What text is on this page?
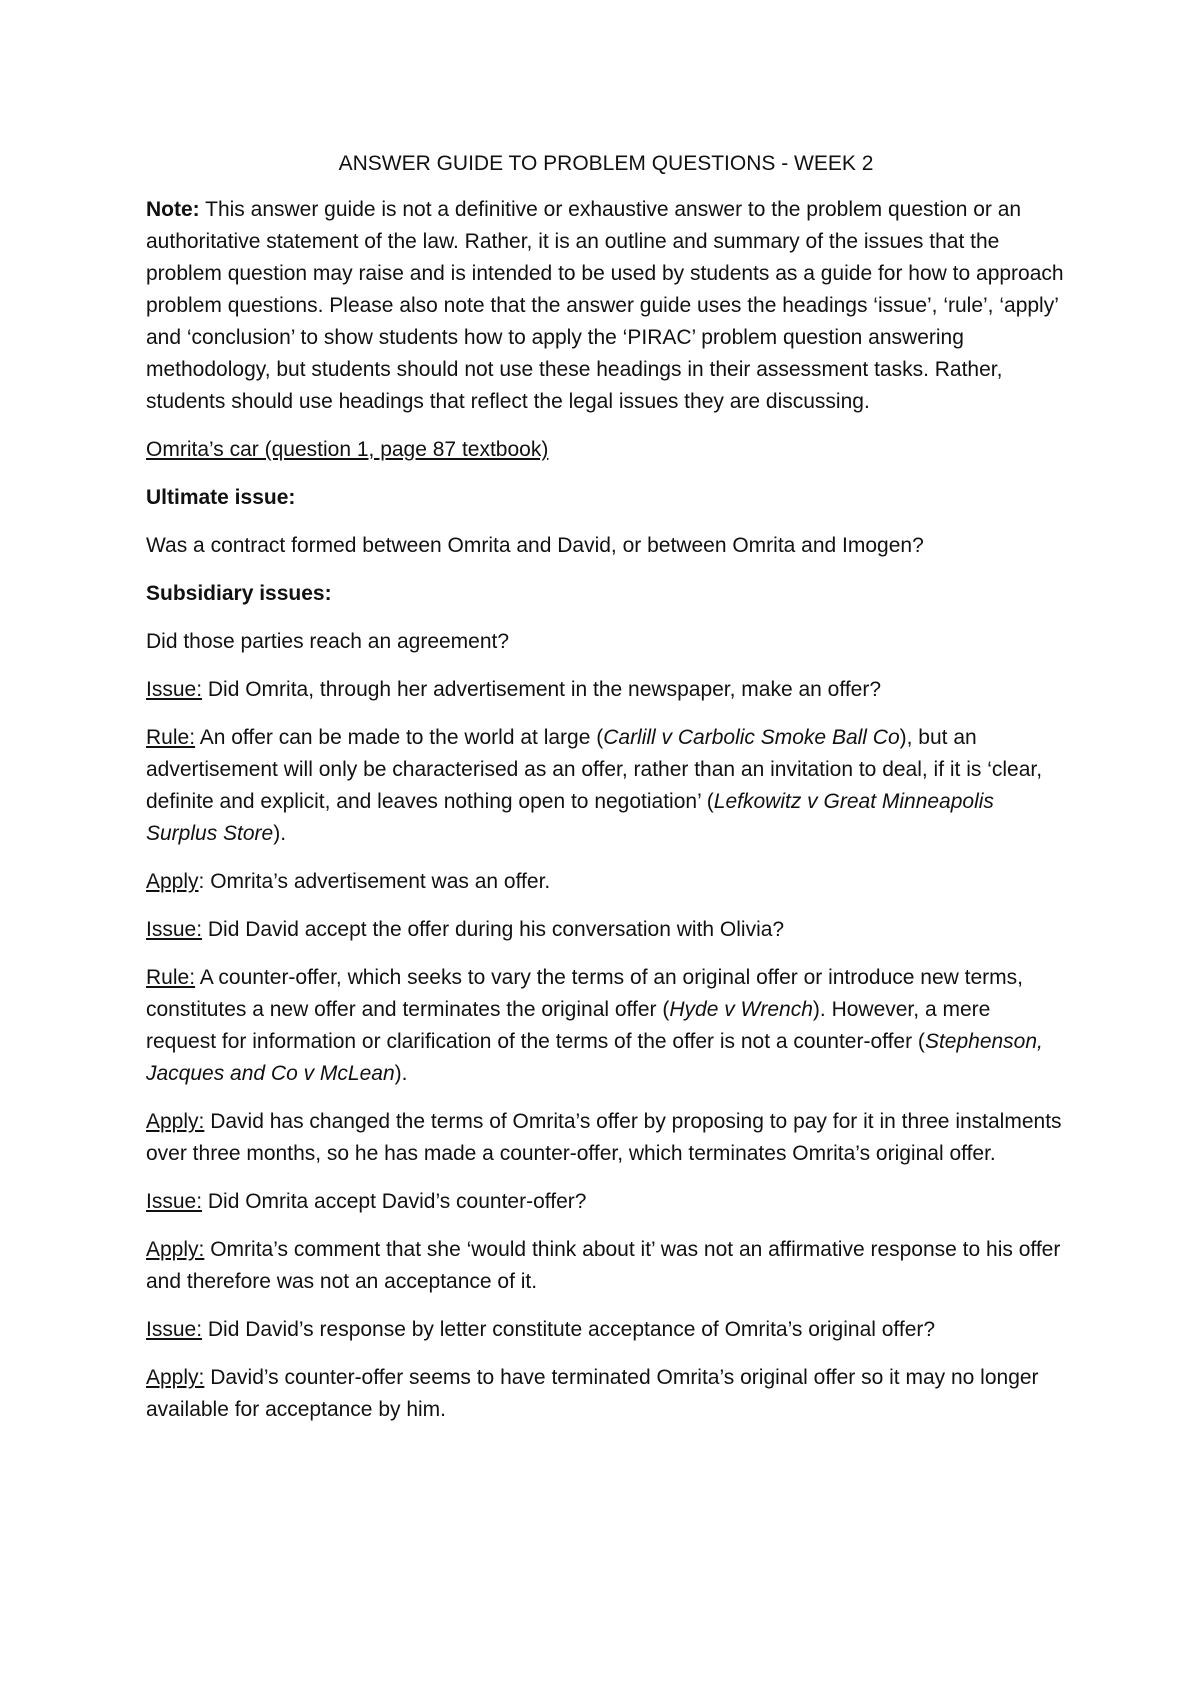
ANSWER GUIDE TO PROBLEM QUESTIONS - WEEK 2

Note: This answer guide is not a definitive or exhaustive answer to the problem question or an authoritative statement of the law. Rather, it is an outline and summary of the issues that the problem question may raise and is intended to be used by students as a guide for how to approach problem questions. Please also note that the answer guide uses the headings ‘issue’, ‘rule’, ‘apply’ and ‘conclusion’ to show students how to apply the ‘PIRAC’ problem question answering methodology, but students should not use these headings in their assessment tasks. Rather, students should use headings that reflect the legal issues they are discussing.

Omrita’s car (question 1, page 87 textbook)

Ultimate issue:

Was a contract formed between Omrita and David, or between Omrita and Imogen?

Subsidiary issues:

Did those parties reach an agreement?

Issue: Did Omrita, through her advertisement in the newspaper, make an offer?

Rule: An offer can be made to the world at large (Carlill v Carbolic Smoke Ball Co), but an advertisement will only be characterised as an offer, rather than an invitation to deal, if it is ‘clear, definite and explicit, and leaves nothing open to negotiation’ (Lefkowitz v Great Minneapolis Surplus Store).

Apply: Omrita’s advertisement was an offer.

Issue: Did David accept the offer during his conversation with Olivia?

Rule: A counter-offer, which seeks to vary the terms of an original offer or introduce new terms, constitutes a new offer and terminates the original offer (Hyde v Wrench). However, a mere request for information or clarification of the terms of the offer is not a counter-offer (Stephenson, Jacques and Co v McLean).

Apply: David has changed the terms of Omrita’s offer by proposing to pay for it in three instalments over three months, so he has made a counter-offer, which terminates Omrita’s original offer.

Issue: Did Omrita accept David’s counter-offer?

Apply: Omrita’s comment that she ‘would think about it’ was not an affirmative response to his offer and therefore was not an acceptance of it.

Issue: Did David’s response by letter constitute acceptance of Omrita’s original offer?

Apply: David’s counter-offer seems to have terminated Omrita’s original offer so it may no longer available for acceptance by him.
